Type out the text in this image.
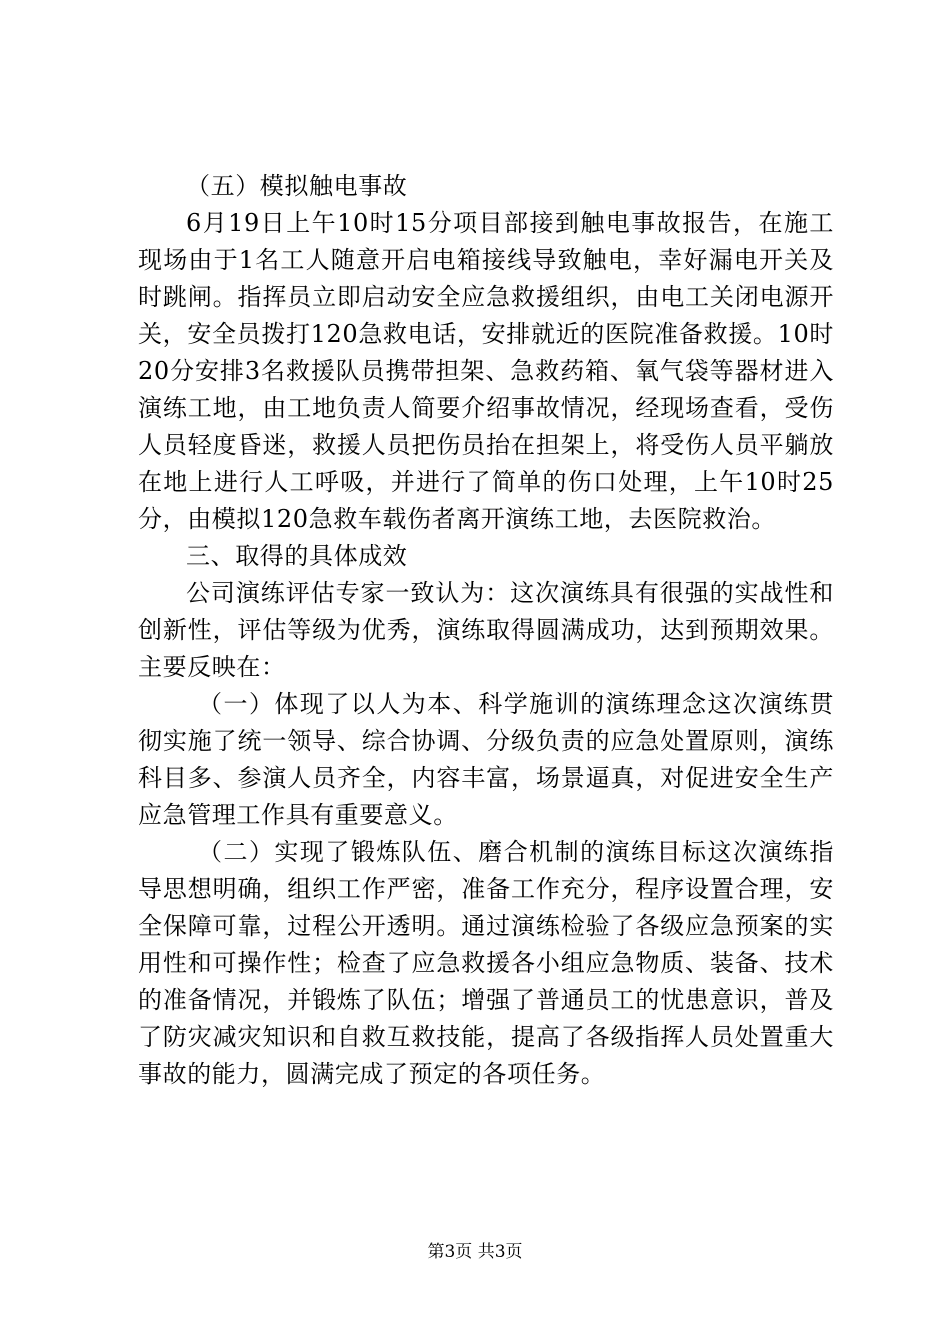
（五）模拟触电事故

6月19日上午10时15分项目部接到触电事故报告，在施工现场由于1名工人随意开启电箱接线导致触电，幸好漏电开关及时跳闸。指挥员立即启动安全应急救援组织，由电工关闭电源开关，安全员拨打120急救电话，安排就近的医院准备救援。10时20分安排3名救援队员携带担架、急救药箱、氧气袋等器材进入演练工地，由工地负责人简要介绍事故情况，经现场查看，受伤人员轻度昏迷，救援人员把伤员抬在担架上，将受伤人员平躺放在地上进行人工呼吸，并进行了简单的伤口处理，上午10时25分，由模拟120急救车载伤者离开演练工地，去医院救治。

三、取得的具体成效

公司演练评估专家一致认为：这次演练具有很强的实战性和创新性，评估等级为优秀，演练取得圆满成功，达到预期效果。主要反映在：

（一）体现了以人为本、科学施训的演练理念这次演练贯彻实施了统一领导、综合协调、分级负责的应急处置原则，演练科目多、参演人员齐全，内容丰富，场景逼真，对促进安全生产应急管理工作具有重要意义。

（二）实现了锻炼队伍、磨合机制的演练目标这次演练指导思想明确，组织工作严密，准备工作充分，程序设置合理，安全保障可靠，过程公开透明。通过演练检验了各级应急预案的实用性和可操作性；检查了应急救援各小组应急物质、装备、技术的准备情况，并锻炼了队伍；增强了普通员工的忧患意识，普及了防灾减灾知识和自救互救技能，提高了各级指挥人员处置重大事故的能力，圆满完成了预定的各项任务。

第3页 共3页
